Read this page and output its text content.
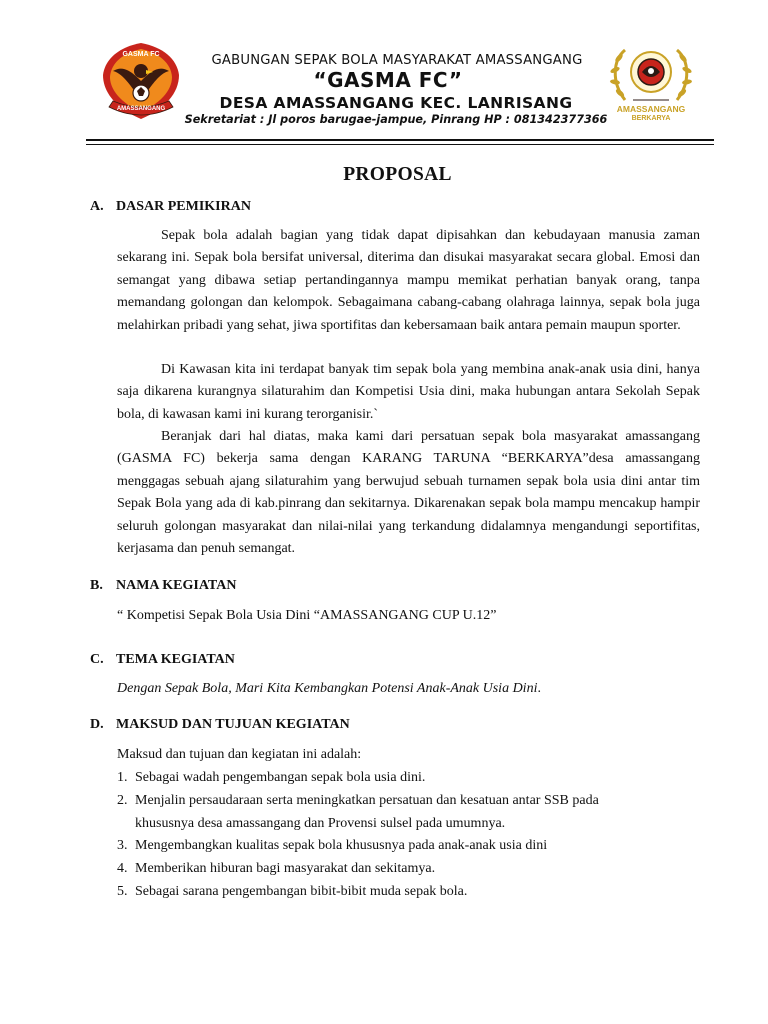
GASMA FC
AMASSANGANG	AMASSANGANG
BERKARYA
GABUNGAN SEPAK BOLA MASYARAKAT AMASSANGANG
“GASMA FC”
DESA AMASSANGANG KEC. LANRISANG
Sekretariat : Jl poros barugae-jampue, Pinrang HP : 081342377366
PROPOSAL
A. DASAR PEMIKIRAN
Sepak bola adalah bagian yang tidak dapat dipisahkan dan kebudayaan manusia zaman sekarang ini. Sepak bola bersifat universal, diterima dan disukai masyarakat secara global. Emosi dan semangat yang dibawa setiap pertandingannya mampu memikat perhatian banyak orang, tanpa memandang golongan dan kelompok. Sebagaimana cabang-cabang olahraga lainnya, sepak bola juga melahirkan pribadi yang sehat, jiwa sportifitas dan kebersamaan baik antara pemain maupun sporter.
Di Kawasan kita ini terdapat banyak tim sepak bola yang membina anak-anak usia dini, hanya saja dikarena kurangnya silaturahim dan Kompetisi Usia dini, maka hubungan antara Sekolah Sepak bola, di kawasan kami ini kurang terorganisir.`
Beranjak dari hal diatas, maka kami dari persatuan sepak bola masyarakat amassangang (GASMA FC) bekerja sama dengan KARANG TARUNA “BERKARYA”desa amassangang menggagas sebuah ajang silaturahim yang berwujud sebuah turnamen sepak bola usia dini antar tim Sepak Bola yang ada di kab.pinrang dan sekitarnya. Dikarenakan sepak bola mampu mencakup hampir seluruh golongan masyarakat dan nilai-nilai yang terkandung didalamnya mengandungi seportifitas, kerjasama dan penuh semangat.
B. NAMA KEGIATAN
“ Kompetisi Sepak Bola Usia Dini “AMASSANGANG CUP U.12”
C. TEMA KEGIATAN
Dengan Sepak Bola, Mari Kita Kembangkan Potensi Anak-Anak Usia Dini.
D. MAKSUD DAN TUJUAN KEGIATAN
Maksud dan tujuan dan kegiatan ini adalah:
1. Sebagai wadah pengembangan sepak bola usia dini.
2. Menjalin persaudaraan serta meningkatkan persatuan dan kesatuan antar SSB pada
khususnya desa amassangang dan Provensi sulsel pada umumnya.
3. Mengembangkan kualitas sepak bola khususnya pada anak-anak usia dini
4. Memberikan hiburan bagi masyarakat dan sekitamya.
5. Sebagai sarana pengembangan bibit-bibit muda sepak bola.
